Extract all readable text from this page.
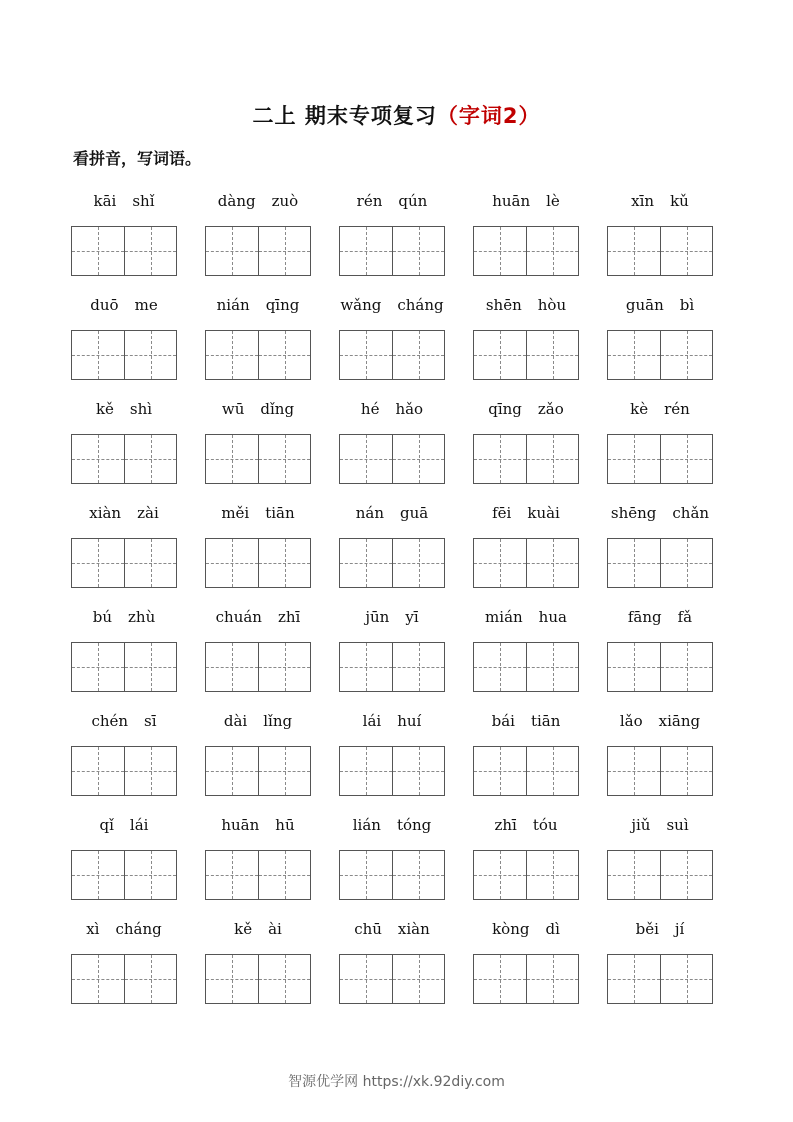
二上 期末专项复习（字词2）
看拼音，写词语。
kāi shǐ	dàng zuò	rén qún	huān lè	xīn kǔ
duō me	nián qīng	wǎng cháng	shēn hòu	guān bì
kě shì	wū dǐng	hé hǎo	qīng zǎo	kè rén
xiàn zài	měi tiān	nán guā	fēi kuài	shēng chǎn
bú zhù	chuán zhī	jūn yī	mián hua	fāng fǎ
chén sī	dài lǐng	lái huí	bái tiān	lǎo xiāng
qǐ lái	huān hū	lián tóng	zhī tóu	jiǔ suì
xì cháng	kě ài	chū xiàn	kòng dì	běi jí
智源优学网 https://xk.92diy.com
